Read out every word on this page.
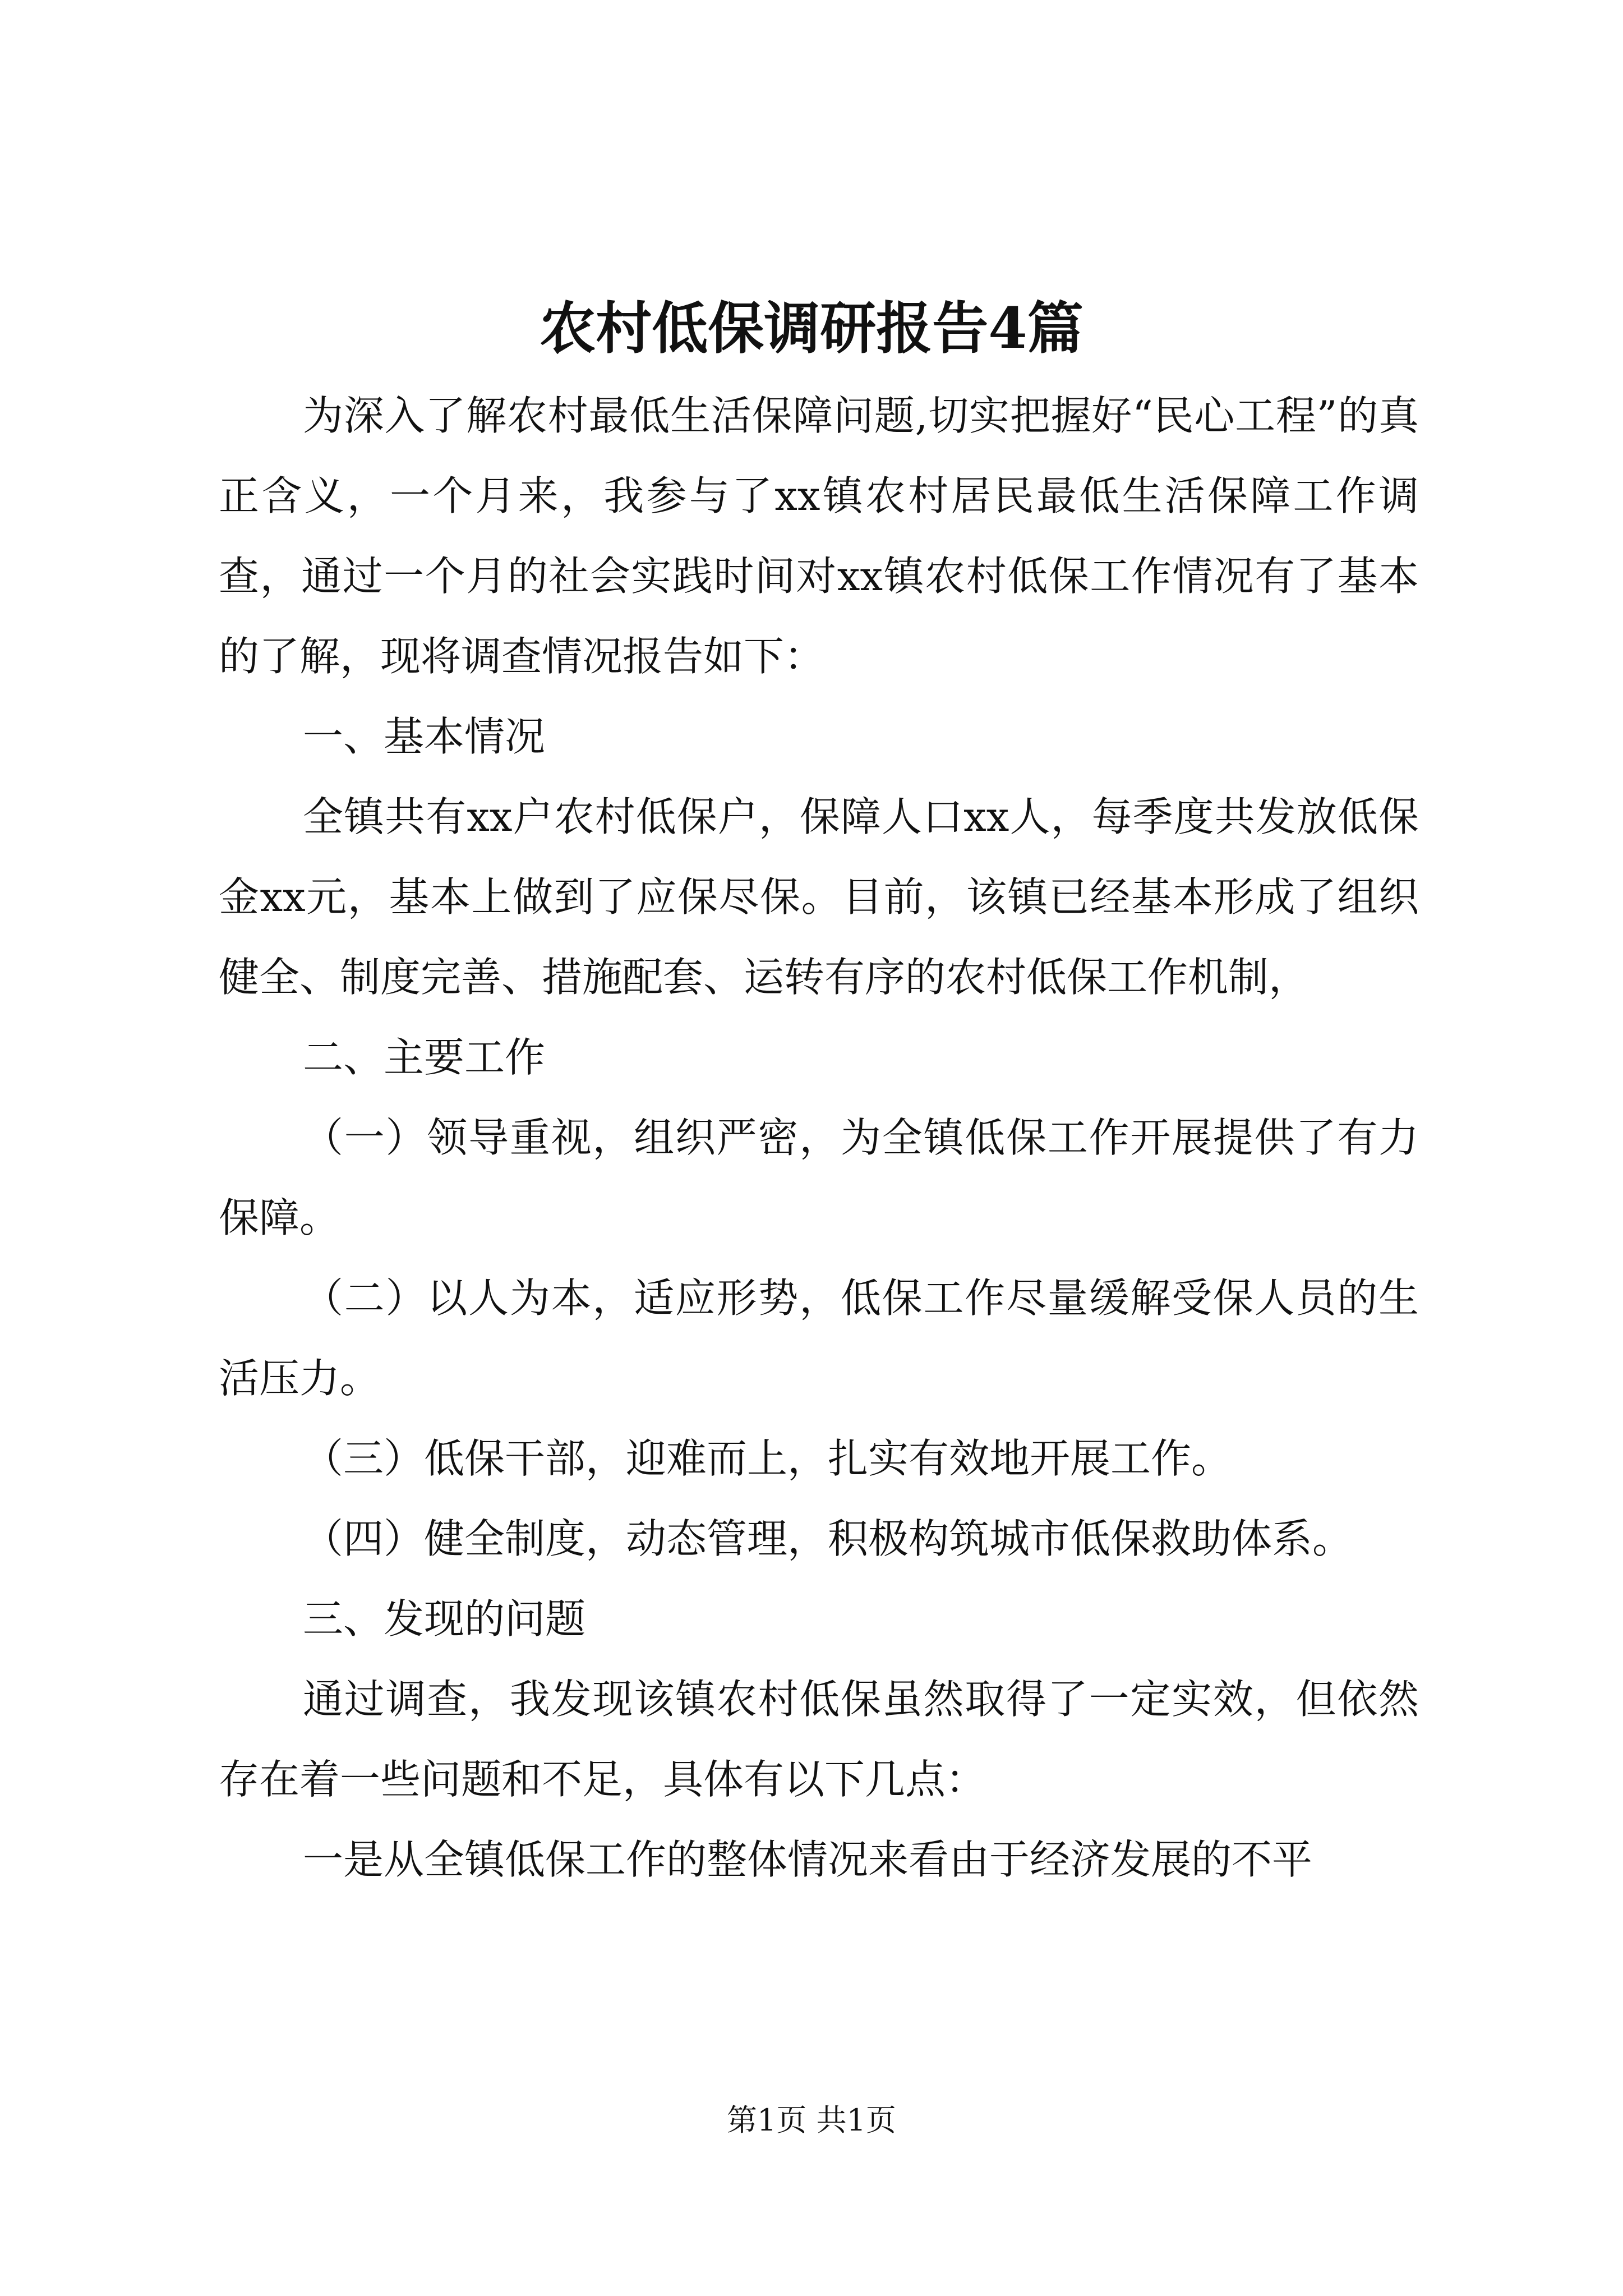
农村低保调研报告4篇

为深入了解农村最低生活保障问题,切实把握好“民心工程”的真正含义，一个月来，我参与了xx镇农村居民最低生活保障工作调查，通过一个月的社会实践时间对xx镇农村低保工作情况有了基本的了解，现将调查情况报告如下：

一、基本情况

全镇共有xx户农村低保户，保障人口xx人，每季度共发放低保金xx元，基本上做到了应保尽保。目前，该镇已经基本形成了组织健全、制度完善、措施配套、运转有序的农村低保工作机制，

二、主要工作

（一）领导重视，组织严密，为全镇低保工作开展提供了有力保障。

（二）以人为本，适应形势，低保工作尽量缓解受保人员的生活压力。

（三）低保干部，迎难而上，扎实有效地开展工作。

（四）健全制度，动态管理，积极构筑城市低保救助体系。

三、发现的问题

通过调查，我发现该镇农村低保虽然取得了一定实效，但依然存在着一些问题和不足，具体有以下几点：

一是从全镇低保工作的整体情况来看由于经济发展的不平

第1页 共1页
